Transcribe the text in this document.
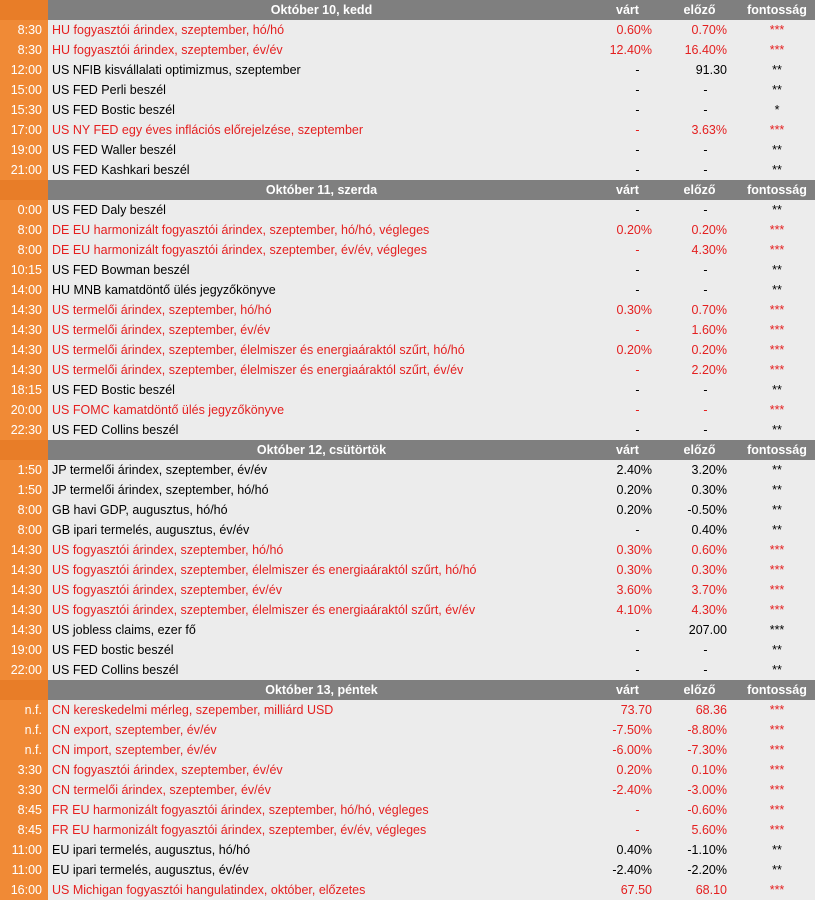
	Október 10, kedd	várt	előző	fontosság
8:30	HU fogyasztói árindex, szeptember, hó/hó	0.60%	0.70%	***
8:30	HU fogyasztói árindex, szeptember, év/év	12.40%	16.40%	***
12:00	US NFIB kisvállalati optimizmus, szeptember	-	91.30	**
15:00	US FED Perli beszél	-	-	**
15:30	US FED Bostic beszél	-	-	*
17:00	US NY FED egy éves inflációs előrejelzése, szeptember	-	3.63%	***
19:00	US FED Waller beszél	-	-	**
21:00	US FED Kashkari beszél	-	-	**
	Október 11, szerda	várt	előző	fontosság
0:00	US FED Daly beszél	-	-	**
8:00	DE EU harmonizált fogyasztói árindex, szeptember, hó/hó, végleges	0.20%	0.20%	***
8:00	DE EU harmonizált fogyasztói árindex, szeptember, év/év, végleges	-	4.30%	***
10:15	US FED Bowman beszél	-	-	**
14:00	HU MNB kamatdöntő ülés jegyzőkönyve	-	-	**
14:30	US termelői árindex, szeptember, hó/hó	0.30%	0.70%	***
14:30	US termelői árindex, szeptember, év/év	-	1.60%	***
14:30	US termelői árindex, szeptember, élelmiszer és energiaáraktól szűrt, hó/hó	0.20%	0.20%	***
14:30	US termelői árindex, szeptember, élelmiszer és energiaáraktól szűrt, év/év	-	2.20%	***
18:15	US FED Bostic beszél	-	-	**
20:00	US FOMC kamatdöntő ülés jegyzőkönyve	-	-	***
22:30	US FED Collins beszél	-	-	**
	Október 12, csütörtök	várt	előző	fontosság
1:50	JP termelői árindex, szeptember, év/év	2.40%	3.20%	**
1:50	JP termelői árindex, szeptember, hó/hó	0.20%	0.30%	**
8:00	GB havi GDP, augusztus, hó/hó	0.20%	-0.50%	**
8:00	GB ipari termelés, augusztus, év/év	-	0.40%	**
14:30	US fogyasztói árindex, szeptember, hó/hó	0.30%	0.60%	***
14:30	US fogyasztói árindex, szeptember, élelmiszer és energiaáraktól szűrt, hó/hó	0.30%	0.30%	***
14:30	US fogyasztói árindex, szeptember, év/év	3.60%	3.70%	***
14:30	US fogyasztói árindex, szeptember, élelmiszer és energiaáraktól szűrt, év/év	4.10%	4.30%	***
14:30	US jobless claims, ezer fő	-	207.00	***
19:00	US FED bostic beszél	-	-	**
22:00	US FED Collins beszél	-	-	**
	Október 13, péntek	várt	előző	fontosság
n.f.	CN kereskedelmi mérleg, szepember, milliárd USD	73.70	68.36	***
n.f.	CN export, szeptember, év/év	-7.50%	-8.80%	***
n.f.	CN import, szeptember, év/év	-6.00%	-7.30%	***
3:30	CN fogyasztói árindex, szeptember, év/év	0.20%	0.10%	***
3:30	CN termelői árindex, szeptember, év/év	-2.40%	-3.00%	***
8:45	FR EU harmonizált fogyasztói árindex, szeptember, hó/hó, végleges	-	-0.60%	***
8:45	FR EU harmonizált fogyasztói árindex, szeptember, év/év, végleges	-	5.60%	***
11:00	EU ipari termelés, augusztus, hó/hó	0.40%	-1.10%	**
11:00	EU ipari termelés, augusztus, év/év	-2.40%	-2.20%	**
16:00	US Michigan fogyasztói hangulatindex, október, előzetes	67.50	68.10	***
